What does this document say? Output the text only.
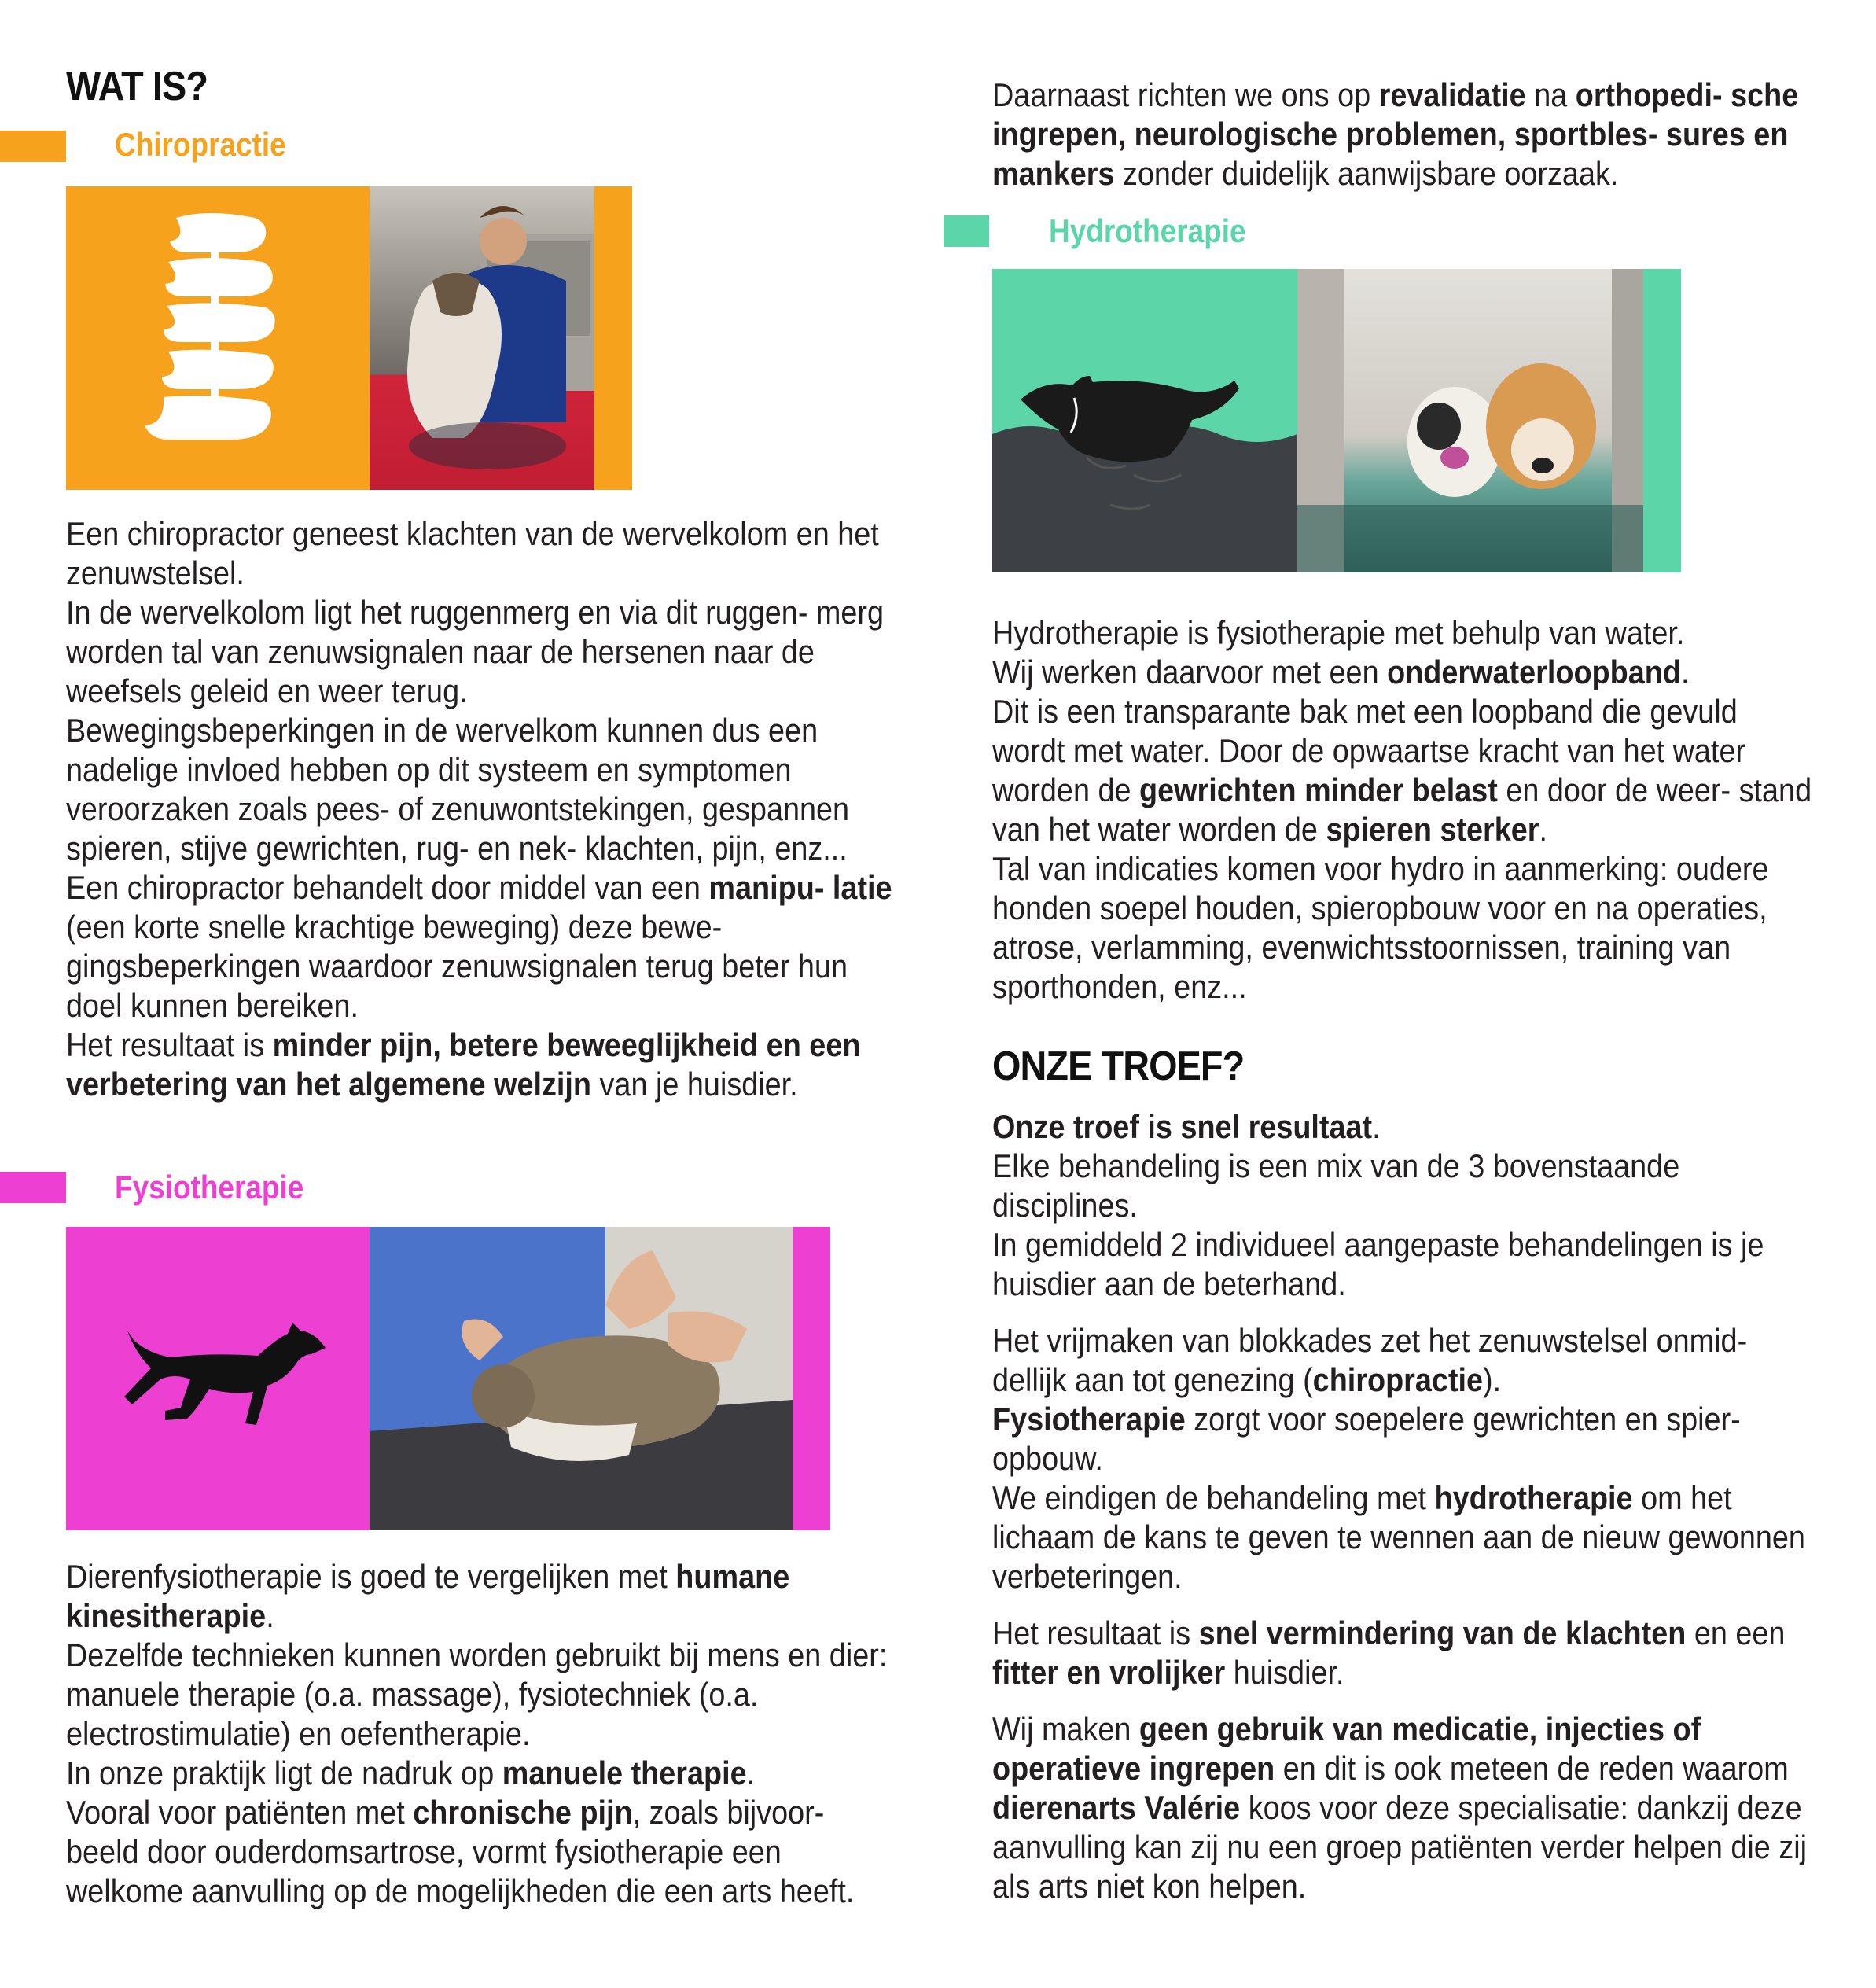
WAT IS?
Chiropractie

Een chiropractor geneest klachten van de wervelkolom en het zenuwstelsel.

In de wervelkolom ligt het ruggenmerg en via dit ruggen- merg worden tal van zenuwsignalen naar de hersenen naar de weefsels geleid en weer terug.

Bewegingsbeperkingen in de wervelkom kunnen dus een nadelige invloed hebben op dit systeem en symptomen veroorzaken zoals pees- of zenuwontstekingen, gespannen spieren, stijve gewrichten, rug- en nek- klachten, pijn, enz...

Een chiropractor behandelt door middel van een manipu- latie (een korte snelle krachtige beweging) deze bewe- gingsbeperkingen waardoor zenuwsignalen terug beter hun doel kunnen bereiken.

Het resultaat is minder pijn, betere beweeglijkheid en een verbetering van het algemene welzijn van je huisdier.

Fysiotherapie

Dierenfysiotherapie is goed te vergelijken met humane kinesitherapie.

Dezelfde technieken kunnen worden gebruikt bij mens en dier: manuele therapie (o.a. massage), fysiotechniek (o.a. electrostimulatie) en oefentherapie.

In onze praktijk ligt de nadruk op manuele therapie.

Vooral voor patiënten met chronische pijn, zoals bijvoor- beeld door ouderdomsartrose, vormt fysiotherapie een welkome aanvulling op de mogelijkheden die een arts heeft.

Daarnaast richten we ons op revalidatie na orthopedi- sche ingrepen, neurologische problemen, sportbles- sures en mankers zonder duidelijk aanwijsbare oorzaak.

Hydrotherapie

Hydrotherapie is fysiotherapie met behulp van water.

Wij werken daarvoor met een onderwaterloopband.

Dit is een transparante bak met een loopband die gevuld wordt met water. Door de opwaartse kracht van het water worden de gewrichten minder belast en door de weer- stand van het water worden de spieren sterker.

Tal van indicaties komen voor hydro in aanmerking: oudere honden soepel houden, spieropbouw voor en na operaties, atrose, verlamming, evenwichtsstoornissen, training van sporthonden, enz...

ONZE TROEF?

Onze troef is snel resultaat.

Elke behandeling is een mix van de 3 bovenstaande disciplines.

In gemiddeld 2 individueel aangepaste behandelingen is je huisdier aan de beterhand.

Het vrijmaken van blokkades zet het zenuwstelsel onmid- dellijk aan tot genezing (chiropractie).

Fysiotherapie zorgt voor soepelere gewrichten en spier- opbouw.

We eindigen de behandeling met hydrotherapie om het lichaam de kans te geven te wennen aan de nieuw gewonnen verbeteringen.

Het resultaat is snel vermindering van de klachten en een fitter en vrolijker huisdier.

Wij maken geen gebruik van medicatie, injecties of operatieve ingrepen en dit is ook meteen de reden waarom dierenarts Valérie koos voor deze specialisatie: dankzij deze aanvulling kan zij nu een groep patiënten verder helpen die zij als arts niet kon helpen.
